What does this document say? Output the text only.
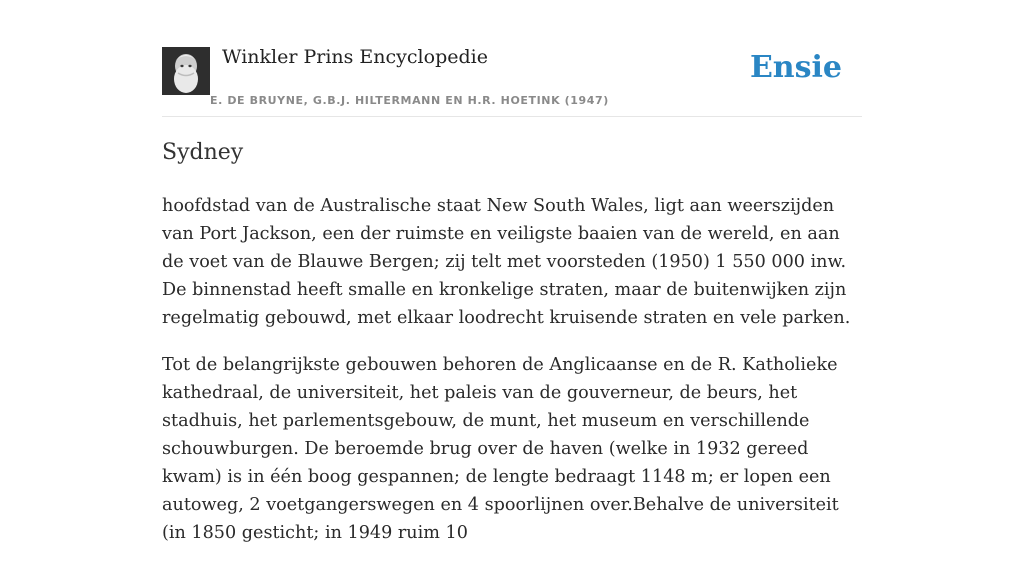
Winkler Prins Encyclopedie
E. DE BRUYNE, G.B.J. HILTERMANN EN H.R. HOETINK (1947)
Ensie
Sydney

hoofdstad van de Australische staat New South Wales, ligt aan weerszijden van Port Jackson, een der ruimste en veiligste baaien van de wereld, en aan de voet van de Blauwe Bergen; zij telt met voorsteden (1950) 1 550 000 inw. De binnenstad heeft smalle en kronkelige straten, maar de buitenwijken zijn regelmatig gebouwd, met elkaar loodrecht kruisende straten en vele parken.

Tot de belangrijkste gebouwen behoren de Anglicaanse en de R. Katholieke kathedraal, de universiteit, het paleis van de gouverneur, de beurs, het stadhuis, het parlementsgebouw, de munt, het museum en verschillende schouwburgen. De beroemde brug over de haven (welke in 1932 gereed kwam) is in één boog gespannen; de lengte bedraagt 1148 m; er lopen een autoweg, 2 voetgangerswegen en 4 spoorlijnen over.Behalve de universiteit (in 1850 gesticht; in 1949 ruim 10
